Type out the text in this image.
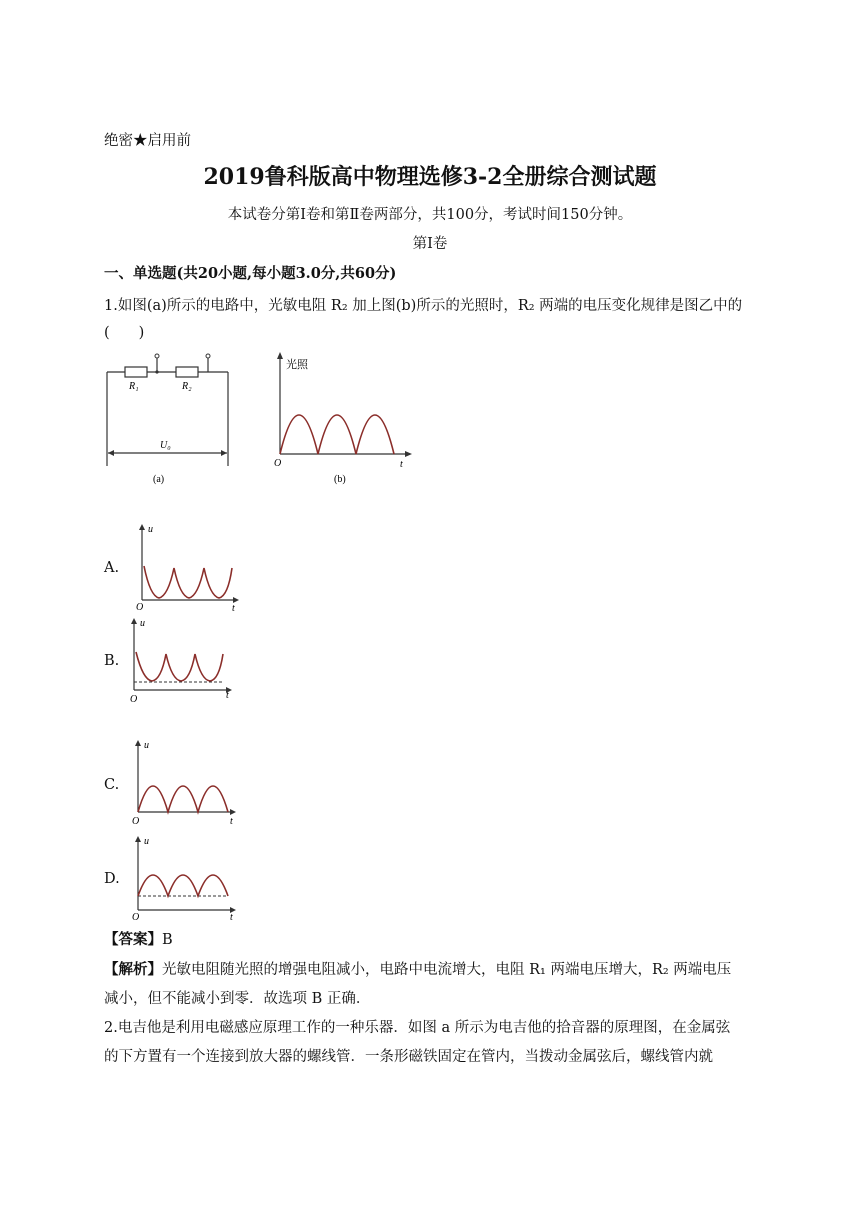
绝密★启用前
2019鲁科版高中物理选修3-2全册综合测试题
本试卷分第Ⅰ卷和第Ⅱ卷两部分，共100分，考试时间150分钟。
第Ⅰ卷
一、单选题(共20小题,每小题3.0分,共60分)
1.如图(a)所示的电路中，光敏电阻 R₂ 加上图(b)所示的光照时，R₂ 两端的电压变化规律是图乙中的
(　　)
R₁	R₂
U₀
(a)
光照
O	t
(b)
A.
u
O	t
B.
u
O	t
C.
u
O	t
D.
u
O	t
【答案】B
【解析】光敏电阻随光照的增强电阻减小，电路中电流增大，电阻 R₁ 两端电压增大，R₂ 两端电压
减小，但不能减小到零．故选项 B 正确．
2.电吉他是利用电磁感应原理工作的一种乐器．如图 a 所示为电吉他的拾音器的原理图，在金属弦
的下方置有一个连接到放大器的螺线管．一条形磁铁固定在管内，当拨动金属弦后，螺线管内就
